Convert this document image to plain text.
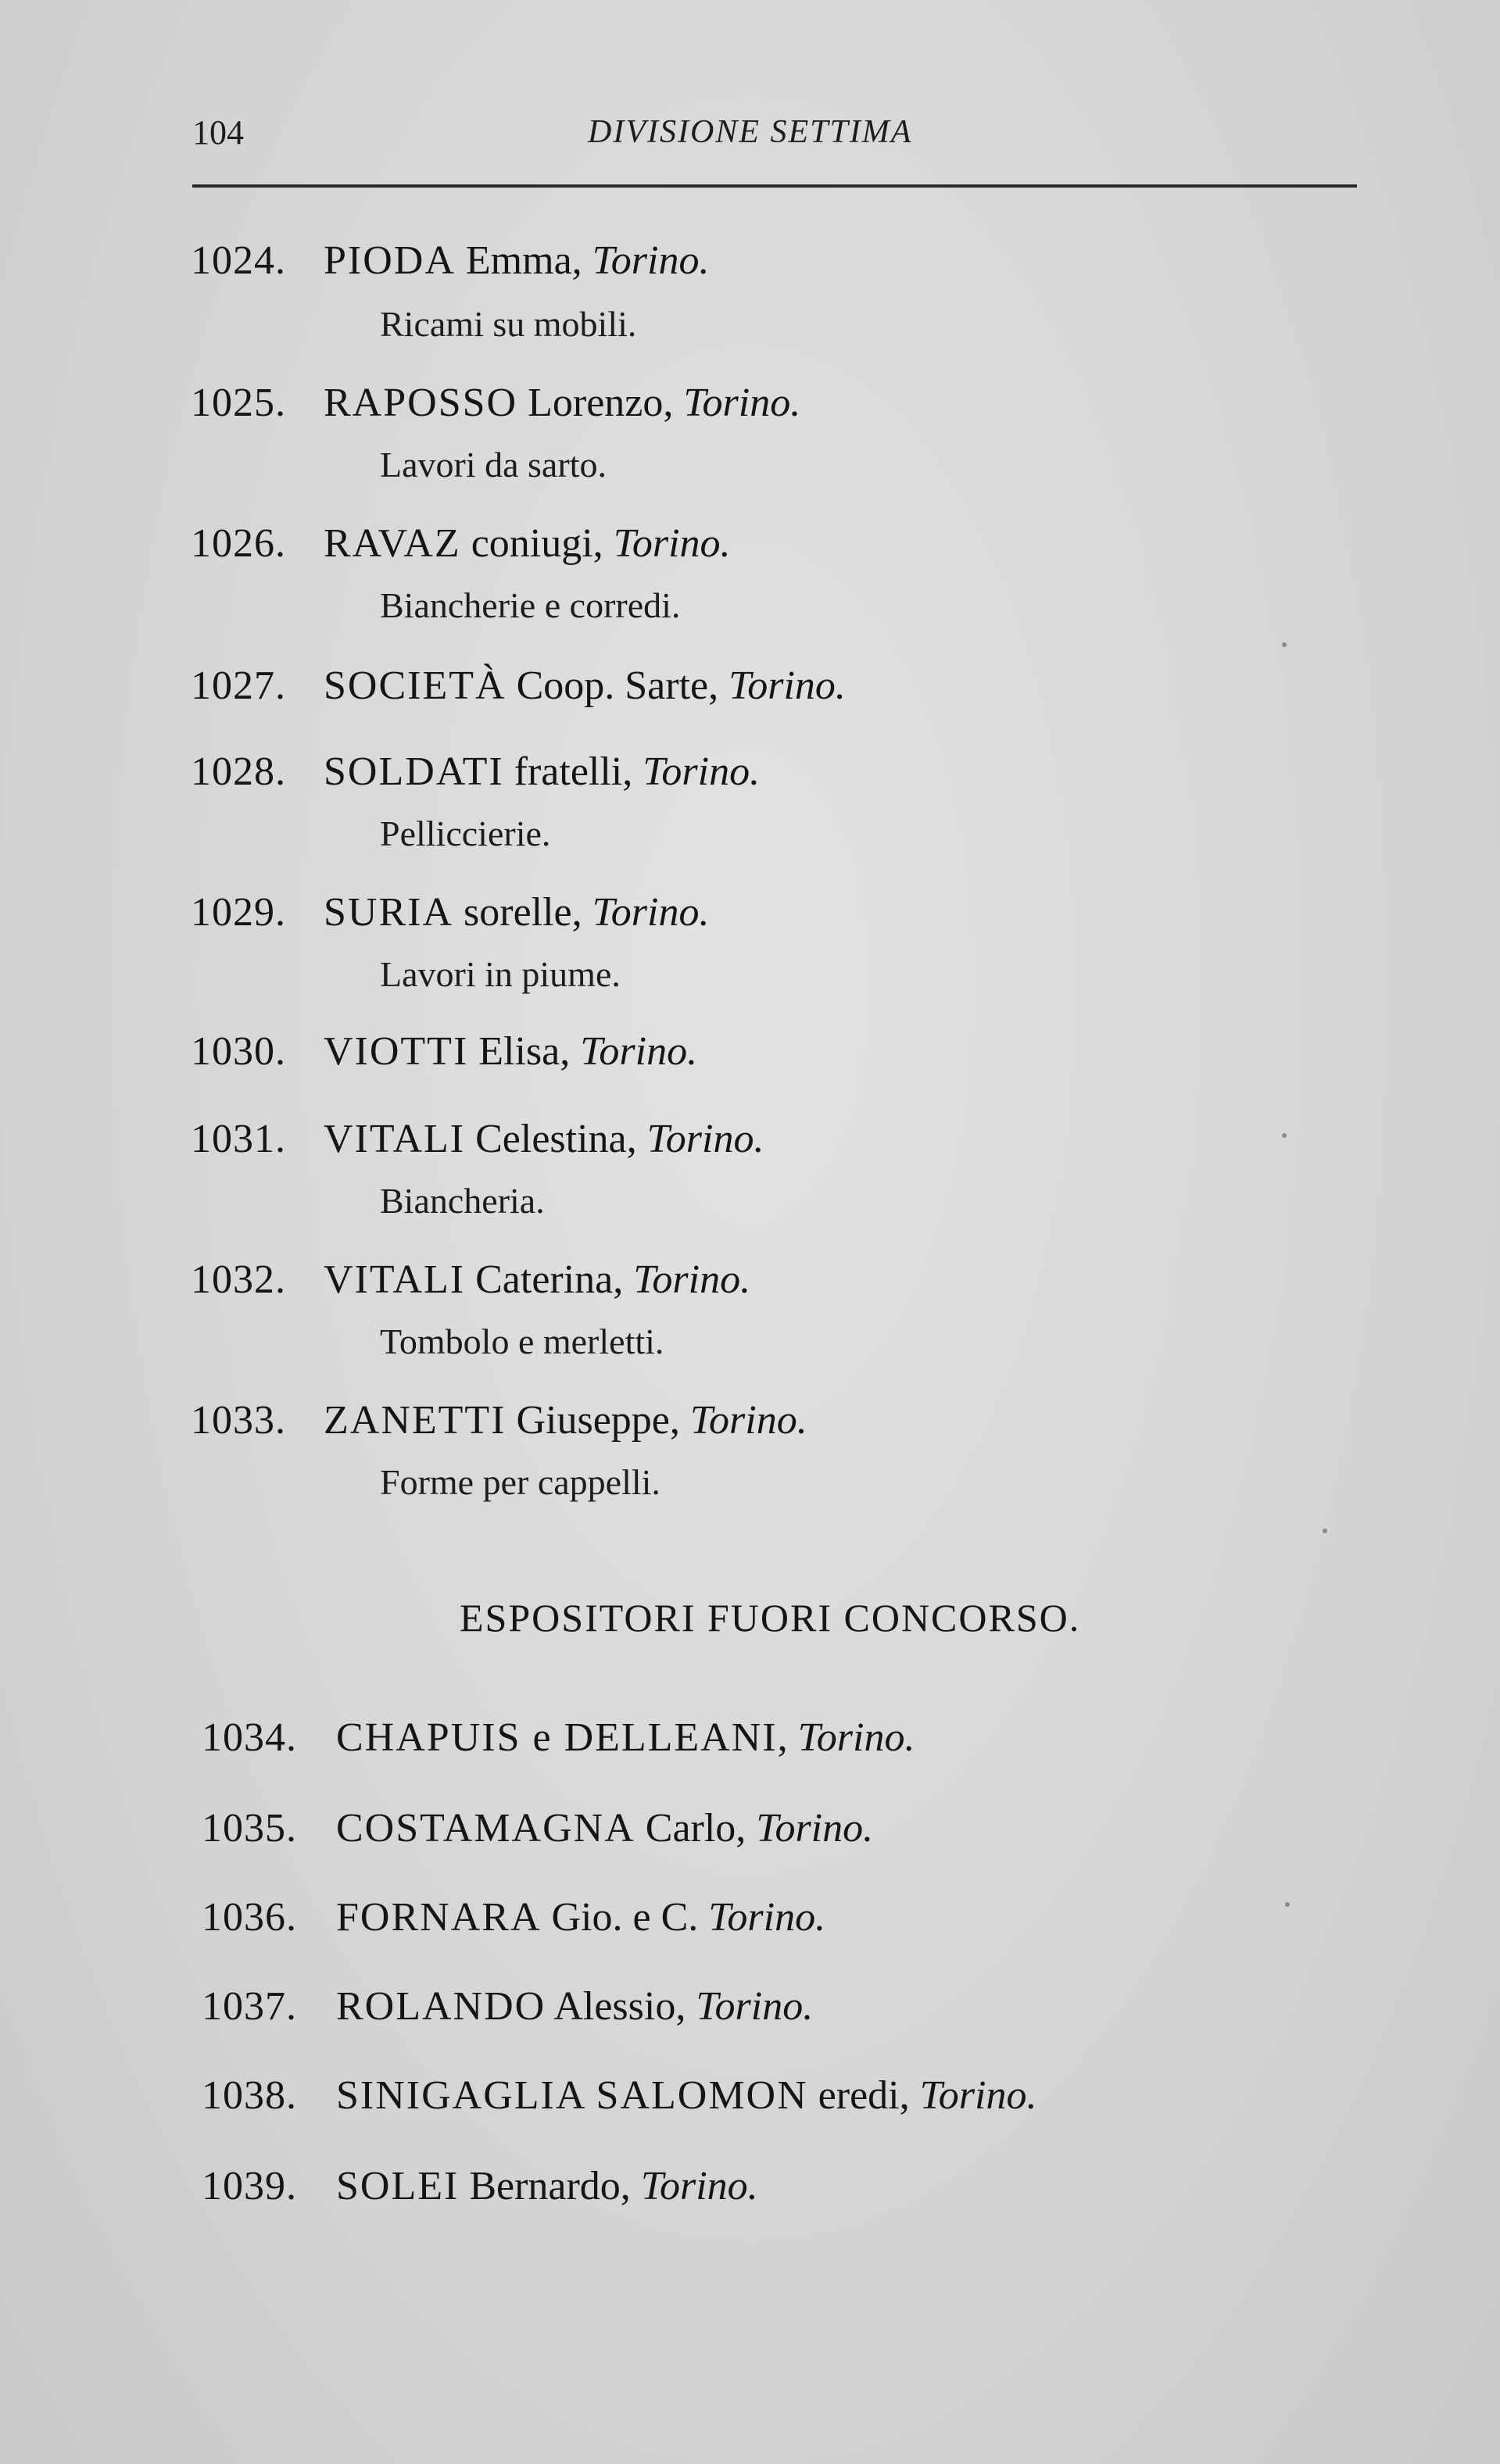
104	DIVISIONE SETTIMA
1024. PIODA Emma, Torino.
Ricami su mobili.
1025. RAPOSSO Lorenzo, Torino.
Lavori da sarto.
1026. RAVAZ coniugi, Torino.
Biancherie e corredi.
1027. SOCIETÀ Coop. Sarte, Torino.
1028. SOLDATI fratelli, Torino.
Pelliccierie.
1029. SURIA sorelle, Torino.
Lavori in piume.
1030. VIOTTI Elisa, Torino.
1031. VITALI Celestina, Torino.
Biancheria.
1032. VITALI Caterina, Torino.
Tombolo e merletti.
1033. ZANETTI Giuseppe, Torino.
Forme per cappelli.
ESPOSITORI FUORI CONCORSO.
1034. CHAPUIS e DELLEANI, Torino.
1035. COSTAMAGNA Carlo, Torino.
1036. FORNARA Gio. e C. Torino.
1037. ROLANDO Alessio, Torino.
1038. SINIGAGLIA SALOMON eredi, Torino.
1039. SOLEI Bernardo, Torino.
